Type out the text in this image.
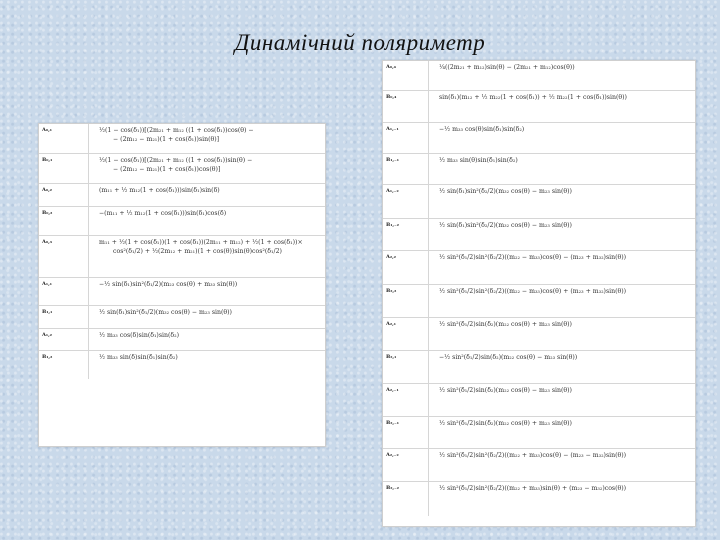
Динамічний поляриметр
A₀,₁	½(1 − cos(δ₁))[(2m₂₁ + m₁₂ ((1 + cos(δ₁))cos(θ) −
− (2m₁₂ − m₂₁)(1 + cos(δ₁))sin(θ)]
B₀,₁	½(1 − cos(δ₁))[(2m₂₁ + m₁₂ ((1 + cos(δ₁))sin(θ) −
− (2m₁₂ − m₂₁)(1 + cos(δ₁))cos(θ)]
A₀,₂	(m₁₁ + ½ m₁₂(1 + cos(δ₁)))sin(δ₁)sin(δ)
B₀,₂	−(m₁₁ + ½ m₁₂(1 + cos(δ₁)))sin(δ₁)cos(δ)
A₀,₃	m₁₁ + ½(1 + cos(δ₁))(1 + cos(δ₁))(2m₁₁ + m₁₂) + ½(1 + cos(δ₁))×
cos²(δ₁/2) + ½(2m₁₂ + m₂₁)(1 + cos(θ))sin(θ)cos²(δ₁/2)
A₁,₁	−½ sin(δ₁)sin²(δ₁/2)(m₂₃ cos(θ) + m₃₃ sin(θ))
B₁,₁	½ sin(δ₁)sin²(δ₁/2)(m₃₂ cos(θ) − m₂₃ sin(θ))
A₁,₂	½ m₃₃ cos(δ)sin(δ₁)sin(δ₂)
B₁,₂	½ m₃₃ sin(δ)sin(δ₁)sin(δ₂)
A₀,₄	¼((2m₂₁ + m₁₂)sin(θ) − (2m₂₁ + m₁₂)cos(θ))
B₀,₄	sin(δ₁)(m₁₂ + ½ m₂₂(1 + cos(δ₁)) + ½ m₂₂(1 + cos(δ₁))sin(θ))
A₁,₋₁	−½ m₃₃ cos(θ)sin(δ₁)sin(δ₂)
B₁,₋₁	½ m₃₃ sin(θ)sin(δ₁)sin(δ₂)
A₁,₋₂	½ sin(δ₁)sin²(δ₂/2)(m₃₂ cos(θ) − m₂₃ sin(θ))
B₁,₋₂	½ sin(δ₁)sin²(δ₂/2)(m₃₂ cos(θ) − m₂₃ sin(θ))
A₂,₂	½ sin²(δ₁/2)sin²(δ₂/2)((m₂₂ − m₃₃)cos(θ) − (m₂₃ + m₃₂)sin(θ))
B₂,₂	½ sin²(δ₁/2)sin²(δ₂/2)((m₂₂ − m₃₃)cos(θ) + (m₂₃ + m₃₂)sin(θ))
A₂,₁	½ sin²(δ₁/2)sin(δ₂)(m₂₂ cos(θ) + m₂₃ sin(θ))
B₂,₁	−½ sin²(δ₁/2)sin(δ₂)(m₂₂ cos(θ) − m₂₃ sin(θ))
A₂,₋₁	½ sin²(δ₁/2)sin(δ₂)(m₂₂ cos(θ) − m₂₃ sin(θ))
B₂,₋₁	½ sin²(δ₁/2)sin(δ₂)(m₂₂ cos(θ) + m₂₃ sin(θ))
A₂,₋₂	½ sin²(δ₁/2)sin²(δ₂/2)((m₂₂ + m₃₃)cos(θ) − (m₂₃ − m₃₂)sin(θ))
B₂,₋₂	½ sin²(δ₁/2)sin²(δ₂/2)((m₂₂ + m₃₃)sin(θ) + (m₂₃ − m₃₂)cos(θ))
